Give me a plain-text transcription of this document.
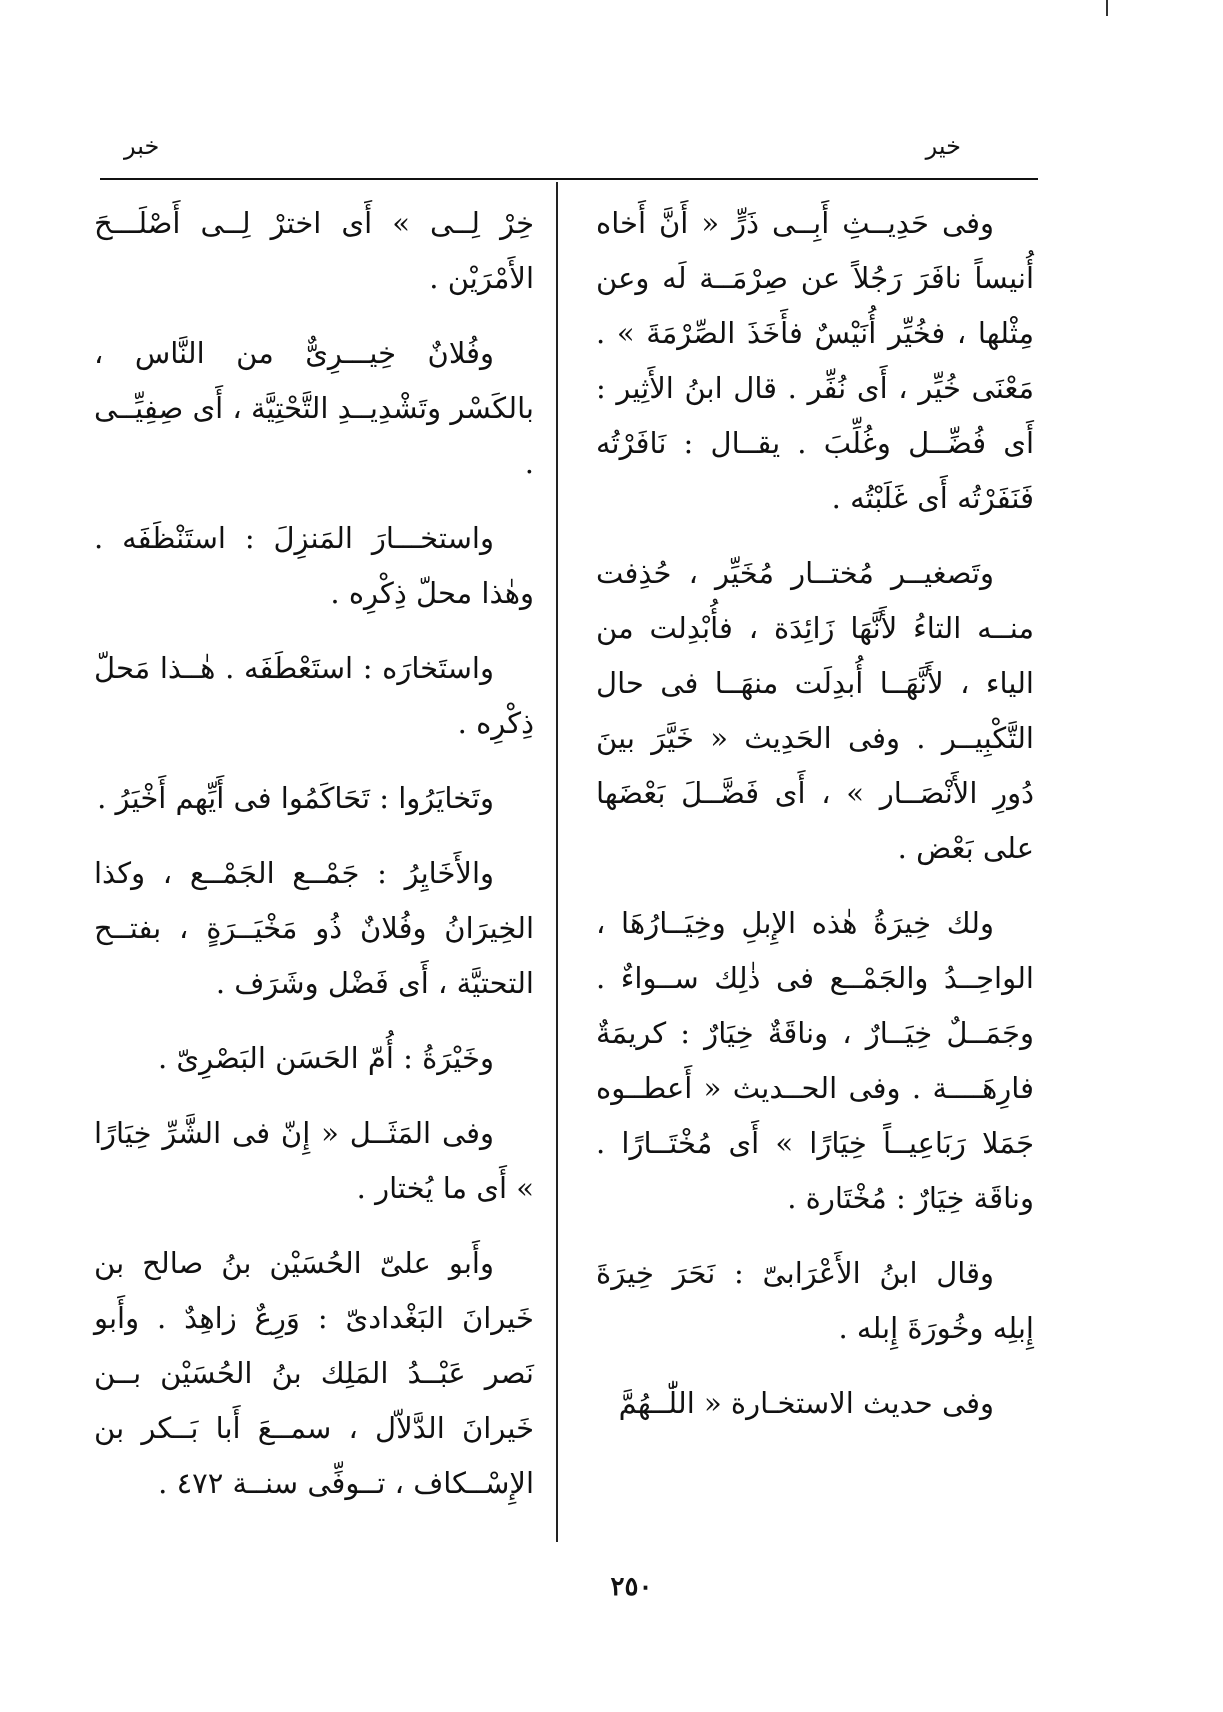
خير
خبر

وفى حَدِيــثِ أَبِــى ذَرٍّ « أَنَّ أَخاه أُنيساً نافَرَ رَجُلاً عن صِرْمَــة لَه وعن مِثْلها ، فخُيِّر أُنَيْسٌ فأَخَذَ الصِّرْمَةَ » . مَعْنَى خُيِّر ، أَى نُفِّر . قال ابنُ الأَثِير : أَى فُضِّــل وغُلِّبَ . يقــال : نَافَرْتُه فَنَفَرْتُه أَى غَلَبْتُه .

وتَصغيــر مُختــار مُخَيِّر ، حُذِفت منــه التاءُ لأَنَّهَا زَائِدَة ، فأُبْدِلت من الياء ، لأَنَّهَــا أُبدِلَت منهَــا فى حال التَّكْبِيــر . وفى الحَدِيث « خَيَّرَ بينَ دُورِ الأَنْصَــار » ، أَى فَضَّــلَ بَعْضَها على بَعْض .

ولك خِيرَةُ هٰذه الإِبلِ وخِيَــارُهَا ، الواحِــدُ والجَمْــع فى ذٰلِك ســواءٌ . وجَمَــلٌ خِيَــارٌ ، وناقَةٌ خِيَارٌ : كريمَةٌ فارِهَــــة . وفى الحــديث « أَعطــوه جَمَلا رَبَاعِيــاً خِيَارًا » أَى مُخْتَــارًا . وناقَة خِيَارٌ : مُخْتَارة .

وقال ابنُ الأَعْرَابىّ : نَحَرَ خِيرَةَ إِبلِه وخُورَةَ إِبله .

وفى حديث الاستخـارة « اللّٰــهُمَّ

خِرْ لِــى » أَى اخترْ لِــى أَصْلَـــحَ الأَمْرَيْن .

وفُلانٌ خِيـــرِىٌّ من النَّاس ، بالكَسْر وتَشْدِيــدِ التَّحْتِيَّة ، أَى صِفِيِّــى .

واستخـــارَ المَنزِلَ : استَنْظَفَه . وهٰذا محلّ ذِكْرِه .

واستَخارَه : استَعْطَفَه . هٰــذا مَحلّ ذِكْرِه .

وتَخايَرُوا : تَحَاكَمُوا فى أَيِّهم أَخْيَرُ .

والأَخَايِرُ : جَمْــع الجَمْــع ، وكذا الخِيرَانُ وفُلانٌ ذُو مَخْيَــرَةٍ ، بفتــح التحتيَّة ، أَى فَضْل وشَرَف .

وخَيْرَةُ : أُمّ الحَسَن البَصْرِىّ .

وفى المَثَــل « إِنّ فى الشَّرِّ خِيَارًا » أَى ما يُختار .

وأَبو علىّ الحُسَيْن بنُ صالح بن خَيرانَ البَغْدادىّ : وَرِعٌ زاهِدٌ . وأَبو نَصر عَبْــدُ المَلِك بنُ الحُسَيْن بــن خَيرانَ الدَّلاّل ، سمــعَ أَبا بَــكر بن الإِسْــكاف ، تــوفِّى سنــة ٤٧٢ .

٢٥٠
